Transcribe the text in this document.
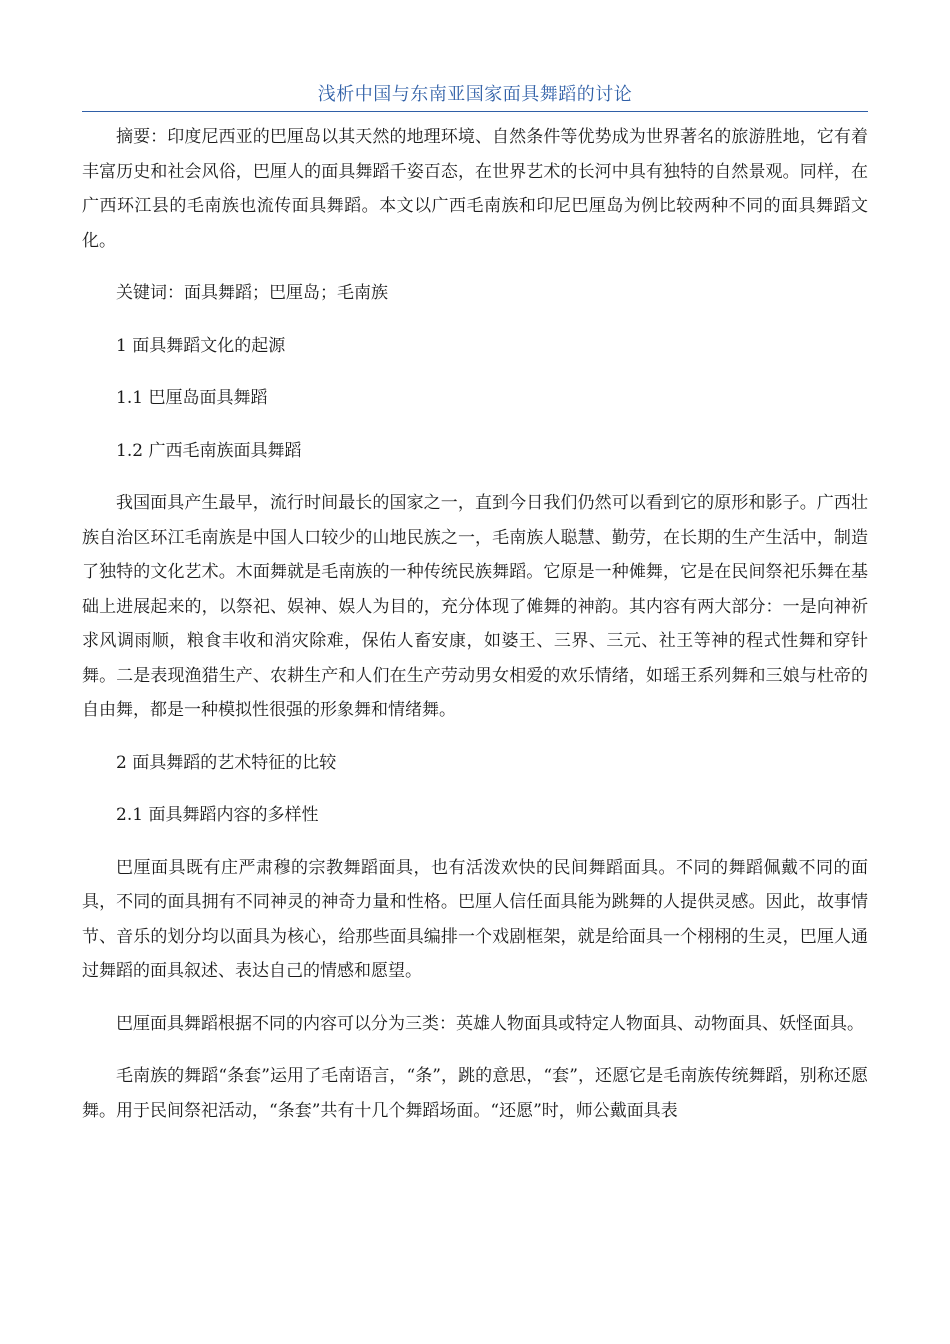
浅析中国与东南亚国家面具舞蹈的讨论

摘要：印度尼西亚的巴厘岛以其天然的地理环境、自然条件等优势成为世界著名的旅游胜地，它有着丰富历史和社会风俗，巴厘人的面具舞蹈千姿百态，在世界艺术的长河中具有独特的自然景观。同样，在广西环江县的毛南族也流传面具舞蹈。本文以广西毛南族和印尼巴厘岛为例比较两种不同的面具舞蹈文化。

关键词：面具舞蹈；巴厘岛；毛南族

1 面具舞蹈文化的起源

1.1 巴厘岛面具舞蹈

1.2 广西毛南族面具舞蹈

我国面具产生最早，流行时间最长的国家之一，直到今日我们仍然可以看到它的原形和影子。广西壮族自治区环江毛南族是中国人口较少的山地民族之一，毛南族人聪慧、勤劳，在长期的生产生活中，制造了独特的文化艺术。木面舞就是毛南族的一种传统民族舞蹈。它原是一种傩舞，它是在民间祭祀乐舞在基础上进展起来的，以祭祀、娱神、娱人为目的，充分体现了傩舞的神韵。其内容有两大部分：一是向神祈求风调雨顺，粮食丰收和消灾除难，保佑人畜安康，如婆王、三界、三元、社王等神的程式性舞和穿针舞。二是表现渔猎生产、农耕生产和人们在生产劳动男女相爱的欢乐情绪，如瑶王系列舞和三娘与杜帝的自由舞，都是一种模拟性很强的形象舞和情绪舞。

2 面具舞蹈的艺术特征的比较

2.1 面具舞蹈内容的多样性

巴厘面具既有庄严肃穆的宗教舞蹈面具，也有活泼欢快的民间舞蹈面具。不同的舞蹈佩戴不同的面具，不同的面具拥有不同神灵的神奇力量和性格。巴厘人信任面具能为跳舞的人提供灵感。因此，故事情节、音乐的划分均以面具为核心，给那些面具编排一个戏剧框架，就是给面具一个栩栩的生灵，巴厘人通过舞蹈的面具叙述、表达自己的情感和愿望。

巴厘面具舞蹈根据不同的内容可以分为三类：英雄人物面具或特定人物面具、动物面具、妖怪面具。

毛南族的舞蹈“条套”运用了毛南语言，“条”，跳的意思，“套”，还愿它是毛南族传统舞蹈，别称还愿舞。用于民间祭祀活动，“条套”共有十几个舞蹈场面。“还愿”时，师公戴面具表
